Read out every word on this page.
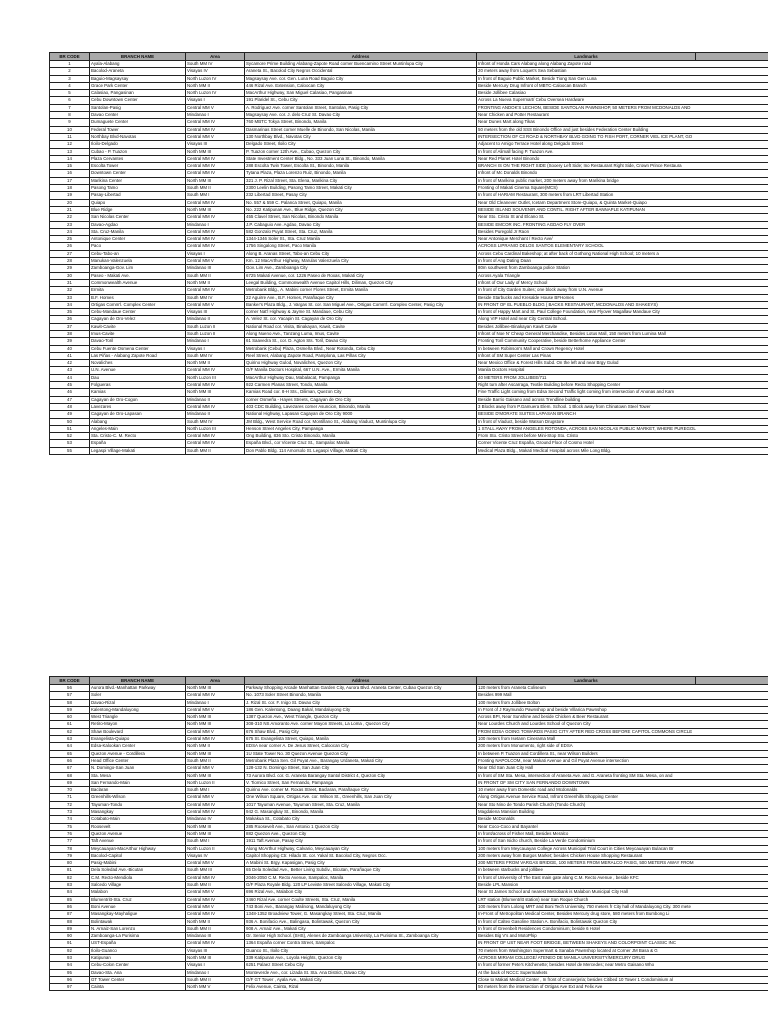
BR CODE	BRANCH NAME	Area	Address	Landmarks	
1	Ayala-Alabang	South MM IV	Sycamore Prime Building Alabang-Zapote Road corner Buencamino Street Muntinlupa City	Infront of Honda Cars Alabang along Alabang Zapote road	
2	Bacolod-Araneta	Visayas IV	Araneta St., Bacolod City Negros Occidental	20 meters away from Loquet's Sea Sebastian	
3	Baguio-Magsaysay	North Luzon IV	Magsaysay Ave. cor. Gen. Luna Road Baguio City	In front of Baguio Public Market, Beside Tiong San Gen Luna	
4	Grace Park Center	North MM II	446 Rizal Ave. Extension, Caloocan City	Beside Mercury Drug Infront of MBTC-Caloocan Branch	
5	Calasiao, Pangasinan	North Luzon IV	MacArthur Highway, San Miguel Calasiao, Pangasinan	Beside Jollibee Calasiao	
6	Cebu Downtown Center	Visayas I	191 Plaridel St., Cebu City	Across La Nueva Supermart/ Cebu Oversea Hardware	
7	Santolan-Pasig	Central MM V	A. Rodriguez Ave. corner Santolan Street, Santolan, Pasig City	FRONTING ANDOK'S LECHON, BESIDE SANTOLAN PAWNSHOP, 50 METERS FROM MCDONALDS AND	
8	Davao Center	Mindanao I	Magsaysay Ave. cor. J. delo Cruz St. Davao City	Near Chicken and Potter Restaurant	
9	Dumaguete Center	Central MM IV	760 MBTC Tokya Street, Binondo, Manila	Near Dunes Mart along Tikas	
10	Federal Tower	Central MM IV	Dasmarinas Street corner Muelle de Binondo, San Nicolas, Manila	50 meters from the old SSS Binondo Office and just besides Federation Center Building	
11	Northbay Blvd-Navotas	Central MM V	130 Northbay Blvd., Navotas City	INTERSECTION OF C3 ROAD & NORTHBAY BLVD GOING TO FISH PORT, CORNER VIEL ICE PLANT, GO	
12	Iloilo-Delgado	Visayas III	Delgado Street, Iloilo City	Adjacent to Amigo Terrace Hotel along Delgado Street	
13	Cubao - P. Tuazon	North MM III	P. Tuazon corner 12th Ave., Cubao, Quezon City	In front of Alimall facing P. Tuazon Ave.	
14	Plaza Cervantes	Central MM IV	State Investment Center Bldg., No. 333 Juan Luna St., Binondo, Manila	Near Red Planet Hotel Binondo	
15	Escolta Tower	Central MM IV	288 Escolta Twin Tower, Escolta St., Binondo, Manila	BRANCH IS ON THE RIGHT SIDE (Sooery Left Side; Ino Restaurant Right Side, Crown Prince Restaura	
16	Downtown Center	Central MM IV	Tytana Plaza, Plaza Lorenzo Ruiz, Binondo, Manila	Infront of Mc Donalds Binondo	
17	Marikina Center	North MM III	321 J. P. Rizal Street, Sta. Elena, Marikina City	In front of Marikina public market, 200 meters away from Marikina bridge	
18	Pasong Tamo	South MM II	2300 Leelin Building, Pasong Tamo Street, Makati City	Fronting of Makati Cinema Square(MCS)	
19	Pasay-Libertad	South MM I	232 Libertad Street, Pasay City	In front of HARIAM Restaurant, 300 meters from LRT Libertad Station	
20	Quiapo	Central MM IV	No. 557 & 559 C. Palanca Street, Quiapo, Manila	Near Old Cleanever Outlet, Icetarn Department Store-Quiapo, & Quinta Market-Quiapo	
21	Blue Ridge	North MM III	No. 222 Katipunan Ave., Blue Ridge, Quezon City	BESIDE ISLAND SOUVENIR AND CONTIL. RIGHT AFTER BANNAPLE KATIPUNAN	
22	San Nicolas Center	Central MM IV	455 Clavel Street, San Nicolas, Binondo Manila	Near Sto. Cristo St and Elcano St.	
23	Davao-Agdao	Mindanao I	J.P. Cabaguio Ave. Agdao, Davao City	BESIDE EMCOR INC. FRONTING AGDAO FLY OVER	
24	Sta. Cruz-Manila	Central MM IV	582 Gonzalo Puyat Street, Sta. Cruz, Manila	Besides Puregold Jr Raon	
25	Antonique Center	Central MM IV	1344-1346 Soler St., Sta. Cruz Manila	Near Antonique Merchant / Recto Ave/	
26	Paco	Central MM IV	1756 Singalong Street, Paco Manila	ACROSS LIPRANIO DELOS SANTOS ELEMENTARY SCHOOL	
27	Cebu-Tabo-an	Visayas I	Along B. Aranas Street, Tabo-an Cebu City	Across Cebu Cardinal Bakeshop; at after back of Gothong National High School; 10 meters a	
28	Manukan-Valenzuela	Central MM V	Km. 12 MacArthur Highway, Marulas Valenzuela City	In front of Ang Dating Daan	
29	Zamboanga-Gov. Lim	Mindanao III	Gov. Lim Ave., Zamboanga City	80m southwest from Zamboanga police Station	
30	Paseo - Makati Ave.	South MM II	6725 Makati Avenue, cor. 1226 Paseo de Roxas, Makati City	Across Ayala Triangle	
31	Commonwealth Avenue	North MM II	Leegal Building, Commonwealth Avenue Capitol Hills, Diliman, Quezon City	Infront of Our Lady of Mercy School	
32	Ermita	Central MM IV	Metrobank Bldg., A. Mabini corner Flores Street, Ermita Manila	In front of City Garden Suites; one block away from U.N. Avenue	
33	B.F. Homes	South MM IV	22 Aguirre Ave., B.F. Homes, Parañaque City	Beside Starbucks and Kresalde House BFHomes	
34	Ortigas Comm'l. Complex Center	Central MM V	Banker's Plaza Bldg., J. Vargas St. cor. San Miguel Ave., Ortigas Comm'l. Complex Center, Pasig City	IN FRONT OF EL PUEBLO BLDG ( BACKS RESTAURANT, MCDONALDS AND SHAKEYS)	
35	Cebu-Mandaue Center	Visayas III	corner Nat'l Highway & Jayme St. Mandaue, Cebu City	In front of Happy Mart and St. Paul College Foundation, near Flyover Magallaw Mandaue City	
36	Cagayan de Oro-Velez	Mindanao II	A. Velez St. cor. Yacapin St. Cagayan de Oro City	Along VIP Hotel and near City Central School.	
37	Kawit-Cavite	South Luzon II	National Road cor. Visita, Binakayan, Kawit, Cavite	Besides Jollibee-Binakayan Kawit Cavite	
38	Imus-Cavite	South Luzon II	Along Nueno Ave., Tanzang Luma, Imus, Cavite	Infront of Noe N' Cheap General Merchandise, Besides Lotus Mall, 150 meters from Lumina Mall	
39	Davao-Toril	Mindanao I	61 Saavedra St., cor. D. Agton Sts. Toril, Davao City	Fronting Toril Community Cooperative, beside Betterhome Appliance Center	
40	Cebu Fuente Osmena Center	Visayas I	Metrobank (Cebu) Plaza, Osmeña Blvd., Near Rotonda, Cebu City	In between Robinson's Mall and Crown Regency Hotel	
41	Las Piñas - Alabang Zapote Road	South MM IV	Reel Street, Alabang Zapote Road, Pamplona, Las Piñas City	Infront of SM Super Center Las Pinas	
42	Novaliches	North MM II	Quirino Highway Gulod, Novaliches, Quezon City	Near Mexico Office & Forest Hills Subd. On the left and near Brgy Gulod	
43	U.N. Avenue	Central MM IV	G/F Manila Doctors Hospital, 667 U.N. Ave., Ermita Manila	Manila Doctors Hospital	
44	Dau	North Luzon III	MacArthur Highway Dau, Mabalacat, Pampanga	40 METERS FROM JOLLIBEE/711	
45	Folgueras	Central MM IV	922 Carmen Planas Street, Tondo, Manila	Right turn after Ascarraga, Textile Building before Recto Shopping Center	
46	Kamias	North MM III	Kamias Road cor. 8-H Sts., Diliman, Quezon City	Fine Traffic Light coming from Edsa Second Traffic light coming from intersection of Anonas and Kam	
47	Cagayan de Oro-Cogon	Mindanao II	corner Osmeña - Hayes Streets, Cagayan de Oro City	Beside Barrio Gaisano and across Trendline building	
48	Lavezares	Central MM IV	403 CDC Building, Lavezares corner Asuncion, Binondo, Manila	3 Blocks away from P.Gamuera Elem. School. 1 Block away from Chinatown Steel Tower	
49	Cagayan de Oro-Lapasan	Mindanao II	National Highway, Lapasan Cagayan de Oro City 9000	BESIDE D'MORATE SUITES LAPASAN BRANCH	
50	Alabang	South MM IV	JM Bldg., West Service Road cor. Montillano St., Alabang Viaduct, Muntinlupa City	In front of Viaduct, beside Watson Drugstore	
51	Angeles-Main	North Luzon III	Henson Street Angeles City, Pampanga	1 STALL AWAY FROM ANGELES ROTONDA, ACROSS SAN NICOLAS PUBLIC MARKET, WHERE PUREGOL	
52	Sta. Cristo-C. M. Recto	Central MM IV	Ong Building, 836 Sto. Cristo Binondo, Manila	From Sto. Cristo Street before Mini-Stop Sto. Cristo	
53	España	Central MM IV	España Blvd., cor Vicente Cruz St., Sampaloc Manila	Corner Vicente Cruz España, Ground Floor of Cosmo Hotel	
55	Legaspi Village-Makati	South MM II	Don Pablo Bldg. 114 Amorsolo St. Legaspi Village, Makati City	Medical Plaza Bldg., Makati Medical Hospital across Mile Long Bldg.	
BR CODE	BRANCH NAME	Area	Address	Landmarks	
56	Aurora Blvd.-Manhattan Parkway	North MM III	Parkway Shopping Arcade Manhattan Garden City, Aurora Blvd. Araneta Center, Cubao Quezon City	120 meters from Araneta Coliseum	
57	Soler	Central MM IV	No. 1073 Soler Street Binondo, Manila	Besides 999 Mall	
58	Davao-Rizal	Mindanao I	J. Rizal St. cor. F. Inigo St. Davao City	100 meters from Jollibee Bolton	
59	Kalentong-Mandaluyong	Central MM V	186 Gen. Kalentong, Daang Bakal, Mandaluyong City	In Front of J Raymundo Pawnshop and beside Villarica Pawnshop	
60	West Triangle	North MM III	1387 Quezon Ave., West Triangle, Quezon City	Across BPI, Near Sunshine and beside Chicken & Beer Restaurant	
61	Retiro-Mayon	North MM III	308-310 NS Amoranto Ave. corner Mayon Streets, La Loma , Quezon City	Near Lourdes Church and Lourdes School of Quezon City	
62	Shaw Boulevard	Central MM V	676 Shaw Blvd., Pasig City	FROM EDSA GOING TOWARDS PASIG CITY AFTER RED CROSS BEFORE CAPITOL COMMONS CIRCLE	
63	Evangelista-Quiapo	Central MM IV	675 St. Evangelista Street, Quiapo, Manila	100 meters from Isetann Cinerama Mall	
64	Edsa-Kalookan Center	North MM II	EDSA near corner A. De Jesus Street, Caloocan City	200 meters from Monumento, right side of EDSA	
65	Quezon Avenue - Cordillera	North MM III	1U State Tower No. 30 Quezon Avenue Quezon City	In between P. Tuazon and Cordillera St., near Wilson Builders	
66	Head Office Center	South MM II	Metrobank Plaza Sen. Gil Puyat Ave., Barangay Urdaneta, Makati City	Fronting NAPOLCOM, near Makati Avenue and Gil Puyat Avenue intersection	
67	N. Domingo-San Juan	Central MM V	128-132 N. Domingo Street, San Juan City	Near Old San Juan City Hall	
68	Sta. Mesa	North MM III	73 Aurora Blvd. cor. G. Araneta Barangay Santol District 4, Quezon City	In front of SM Sta. Mesa, intersection of Araneta Ave. and G. Araneta fronting SM Sta. Mesa, on and	
69	San Fernando-Main	North Luzon II	V. Tiomico Street, San Fernando, Pampanga	IN FRONT OF SM CITY SAN FERNANDO DOWNTOWN	
70	Baclaran	South MM I	Quirino Ave. corner M. Roxas Street, Baclaran, Parañaque City	10 meter away from Domestic road and Mcdonalds	
71	Greenhills-Wilson	Central MM V	One Wilson Square, Ortigas Ave. cor. Wilson St., Greenhills, San Juan City	Along Ortigas Avenue Service Road, Infront Greenhills Shopping Center	
72	Tayuman-Tondo	Central MM IV	1017 Tayuman Avenue, Tayuman Street, Sta. Cruz, Manila	Near Sto Nino de Tondo Parish Church (Tondo Church)	
73	Masangkay	Central MM IV	942 G. Masangkay St., Binondo, Manila	Magdalena Mansion Building	
74	Cotabato-Main	Mindanao IV	Makakua St., Cotabato City	Beside McDonalds	
75	Roosevelt	North MM III	285 Roosevelt Ave., San Antonio 1 Quezon City	Near Coco-Coco and Bayantel	
76	Quezon Avenue	North MM III	882 Quezon Ave., Quezon City	In front/across of Fisher Mall, Besides Meralco	
77	Taft Avenue	South MM I	1911 Taft Avenue, Pasay City	In front of San Isidro church, Beside La Verde Condominium	
78	Meycauayan-MacArthur Highway	North Luzon II	Along McArthur Highway, Calvario, Meycauayan City	100 meters from Meycauayan College Across Municipal Trial Court in Cities Meycauayan Bulacan Br	
79	Bacolod-Capitol	Visayas IV	Capitol Shopping Ctr. Hilado St. cor. Yakal St. Bacolod City, Negros Occ.	200 meters away from Burgos Market; besides Chicken House Shopping Restaurant	
80	Pasig-Mabini	Central MM V	A Mabini St. Brgy. Kapasigan, Pasig City	200 METERS FROM VARGAS BRIDGE, 100 METERS FROM MERALCO PASIG, 500 METERS AWAY FROM	
81	Dela Soledad Ave.-Bicutan	South MM III	65 Dela Soledad Ave., Better Living Subdiv., Bicutan, Parañaque City	In between starbucks and jollibee	
82	C.M. Recto-Mendiola	Central MM IV	2046-2050 C.M. Recto Avenue, Sampaloc, Manila	In front of University of The East main gate along C.M. Recto Avenue , beside KFC	
83	Salcedo Village	South MM II	G/F Plaza Royale Bldg. 120 LP Leviste Street Salcedo Village, Makati City	Beside LPL Mansion	
84	Malabon	Central MM V	696 Rizal Ave., Malabon City	Near St James School and nearest Metrobank is Malabon Municipal City Hall	
85	Blumentritt-Sta. Cruz	Central MM IV	2460 Rizal Ave. corner Coulte Streets, Sta. Cruz, Manila	LRT station (Blumentritt station) near San Roque Church	
86	Boni Avenue	Central MM V	743 Boni Ave., Barangay Malinong, Mandaluyong City	100 meters from Lolong MRT and Boni Tech University, 750 meters fr City hall of Mandaluyong City. 300 mete	
87	Masangkay-Mayhaligue	Central MM IV	1348-1352 Broadview Tower, G. Masangkay Street, Sta. Cruz, Manila	In-Front of Metropolitan Medical Center, Besides Mercury drug store, 580 meters from Bumbong Li	
88	Bolintawak	North MM II	936 A. Bonifacio Ave., Balingasa, Bolintawak, Quezon City	In front of Caltex Gasoline Station A. Bonifacio, Bolintawak Quezon City	
89	N. Arnaiz-San Lorenzo	South MM II	908 A. Arnaiz Ave., Makati City	In front of Greenbelt Residences Condominium; beside 6 Hotel	
90	Zamboanga-La Purisima	Mindanao III	Gr. Senior High School. (SHS), Alenes de Zamboanga University, La Purisima St., Zamboanga City	Besides Big V's and MotoPhip	
91	UST-España	Central MM IV	1364 España corner Contra Street, Sampaloc	IN FRONT OF UST NEAR FOOT BRIDGE, BETWEEN SHAKEYS AND COLORPOINT CLASSIC INC	
92	Iloilo-Guanco	Visayas III	Guanco St., Iloilo City	70 meters from Washington Supermart & Sanaba Pawnshop located at Corner JM Basa & G	
93	Katipunan	North MM III	339 Katipunan Ave., Loyola Heights, Quezon City	ACROSS MIRIAM COLLEGE/ ATENEO DE MANILA UNIVERSITY/MERCURY DRUG	
94	Cebu-Colon Center	Visayas I	6251 Palaez Street Cebu City	In front of former Pete's Kitchenette; besides Hotel de Mercedes; near Metro Gaisano Who	
95	Davao-Sta. Ana	Mindanao I	Monteverde Ave., cor. Lizada St. Sta. Ana District, Davao City	At the back of NCCC Supermarkets	
96	GT Tower Center	South MM II	G/F GT Tower , Ayala Ave., Makati City	Close to Makati Medical Center , In front of Conserjeria; besides Citibed 10 Tower 1 Condominium al	
97	Cainta	North MM V	Felix Avenue, Cainta, Rizal	50 meters from the intersection of Ortigas Ave Ext and Felix Ave	
